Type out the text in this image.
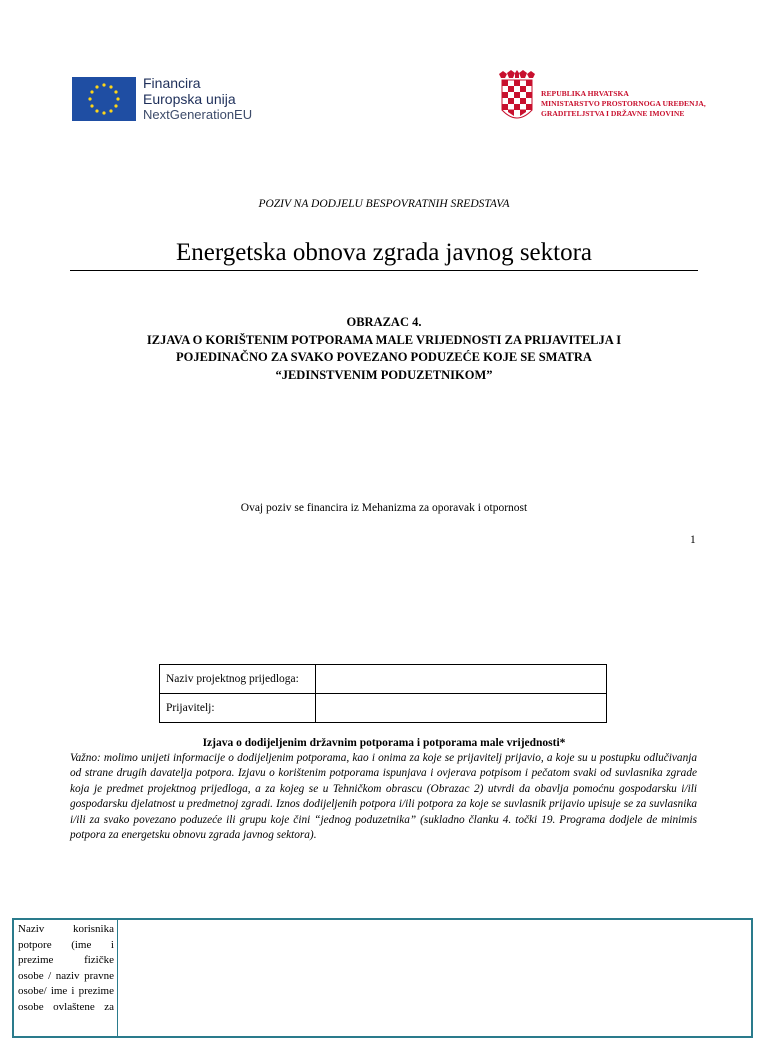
Financira
Europska unija
NextGenerationEU
REPUBLIKA HRVATSKA
MINISTARSTVO PROSTORNOGA UREĐENJA,
GRADITELJSTVA I DRŽAVNE IMOVINE
POZIV NA DODJELU BESPOVRATNIH SREDSTAVA
Energetska obnova zgrada javnog sektora
OBRAZAC 4.
IZJAVA O KORIŠTENIM POTPORAMA MALE VRIJEDNOSTI ZA PRIJAVITELJA I
POJEDINAČNO ZA SVAKO POVEZANO PODUZEĆE KOJE SE SMATRA
“JEDINSTVENIM PODUZETNIKOM”
Ovaj poziv se financira iz Mehanizma za oporavak i otpornost
1
Naziv projektnog prijedloga:	
Prijavitelj:	
Izjava o dodijeljenim državnim potporama i potporama male vrijednosti*
Važno: molimo unijeti informacije o dodijeljenim potporama, kao i onima za koje se prijavitelj prijavio, a koje su u postupku odlučivanja od strane drugih davatelja potpora. Izjavu o korištenim potporama ispunjava i ovjerava potpisom i pečatom svaki od suvlasnika zgrade koja je predmet projektnog prijedloga, a za kojeg se u Tehničkom obrascu (Obrazac 2) utvrdi da obavlja pomoćnu gospodarsku i/ili gospodarsku djelatnost u predmetnoj zgradi. Iznos dodijeljenih potpora i/ili potpora za koje se suvlasnik prijavio upisuje se za suvlasnika i/ili za svako povezano poduzeće ili grupu koje čini “jednog poduzetnika” (sukladno članku 4. točki 19. Programa dodjele de minimis potpora za energetsku obnovu zgrada javnog sektora).
Naziv korisnika potpore (ime i prezime fizičke osobe / naziv pravne osobe/ ime i prezime osobe ovlaštene za
